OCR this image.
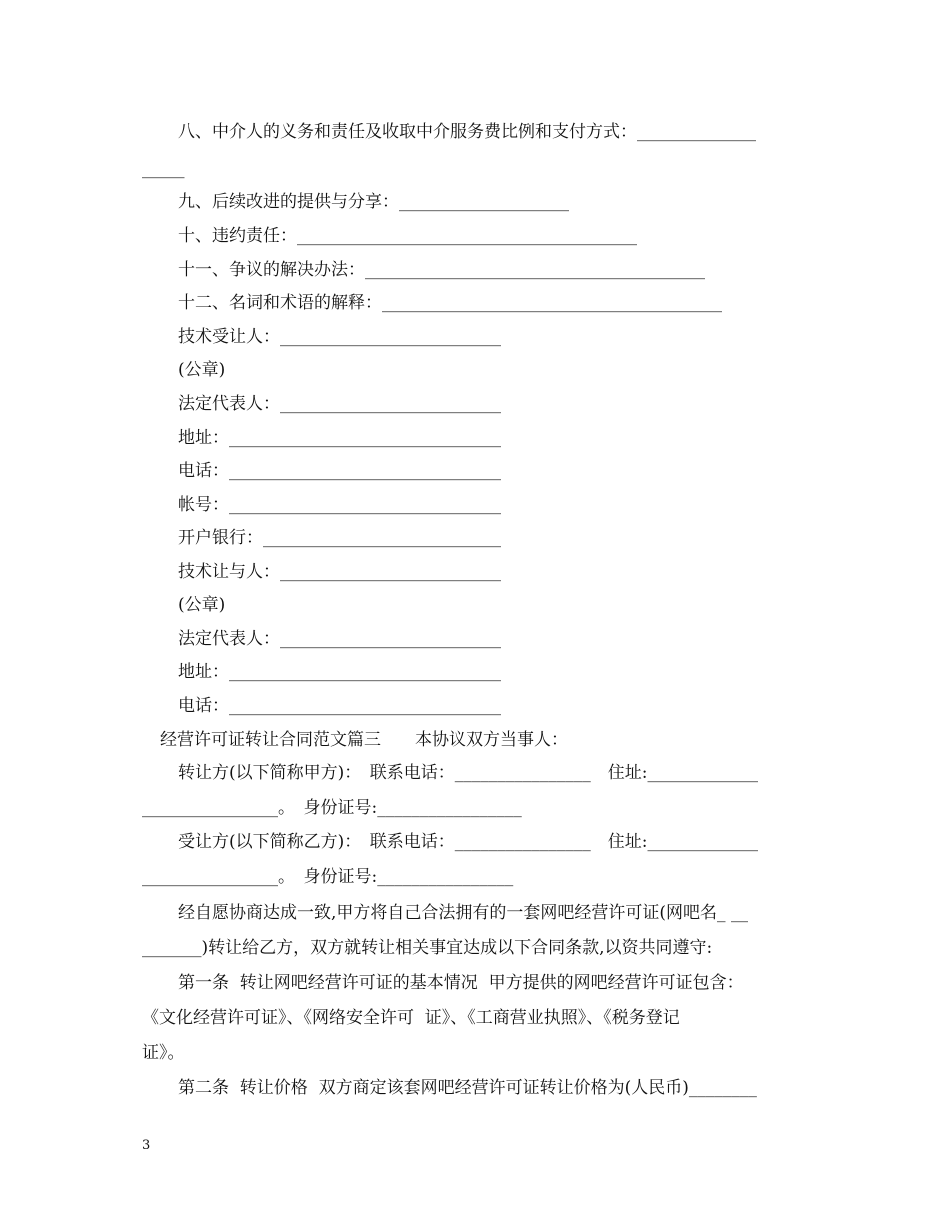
八、中介人的义务和责任及收取中介服务费比例和支付方式：______________
_____
九、后续改进的提供与分享：____________________
十、违约责任：________________________________________
十一、争议的解决办法：________________________________________
十二、名词和术语的解释：________________________________________
技术受让人：__________________________
(公章)
法定代表人：__________________________
地址：________________________________
电话：________________________________
帐号：________________________________
开户银行：____________________________
技术让与人：__________________________
(公章)
法定代表人：__________________________
地址：________________________________
电话：________________________________
经营许可证转让合同范文篇三　　本协议双方当事人：
转让方(以下简称甲方)：　联系电话：________________　住址:_____________
________________。　身份证号:_________________
受让方(以下简称乙方)：　联系电话：________________　住址:_____________
________________。　身份证号:________________
经自愿协商达成一致,甲方将自己合法拥有的一套网吧经营许可证(网吧名_ __
_______)转让给乙方，双方就转让相关事宜达成以下合同条款,以资共同遵守:
第一条  转让网吧经营许可证的基本情况  甲方提供的网吧经营许可证包含：
《文化经营许可证》、《网络安全许可  证》、《工商营业执照》、《税务登记
证》。
第二条  转让价格  双方商定该套网吧经营许可证转让价格为(人民币)________
3
